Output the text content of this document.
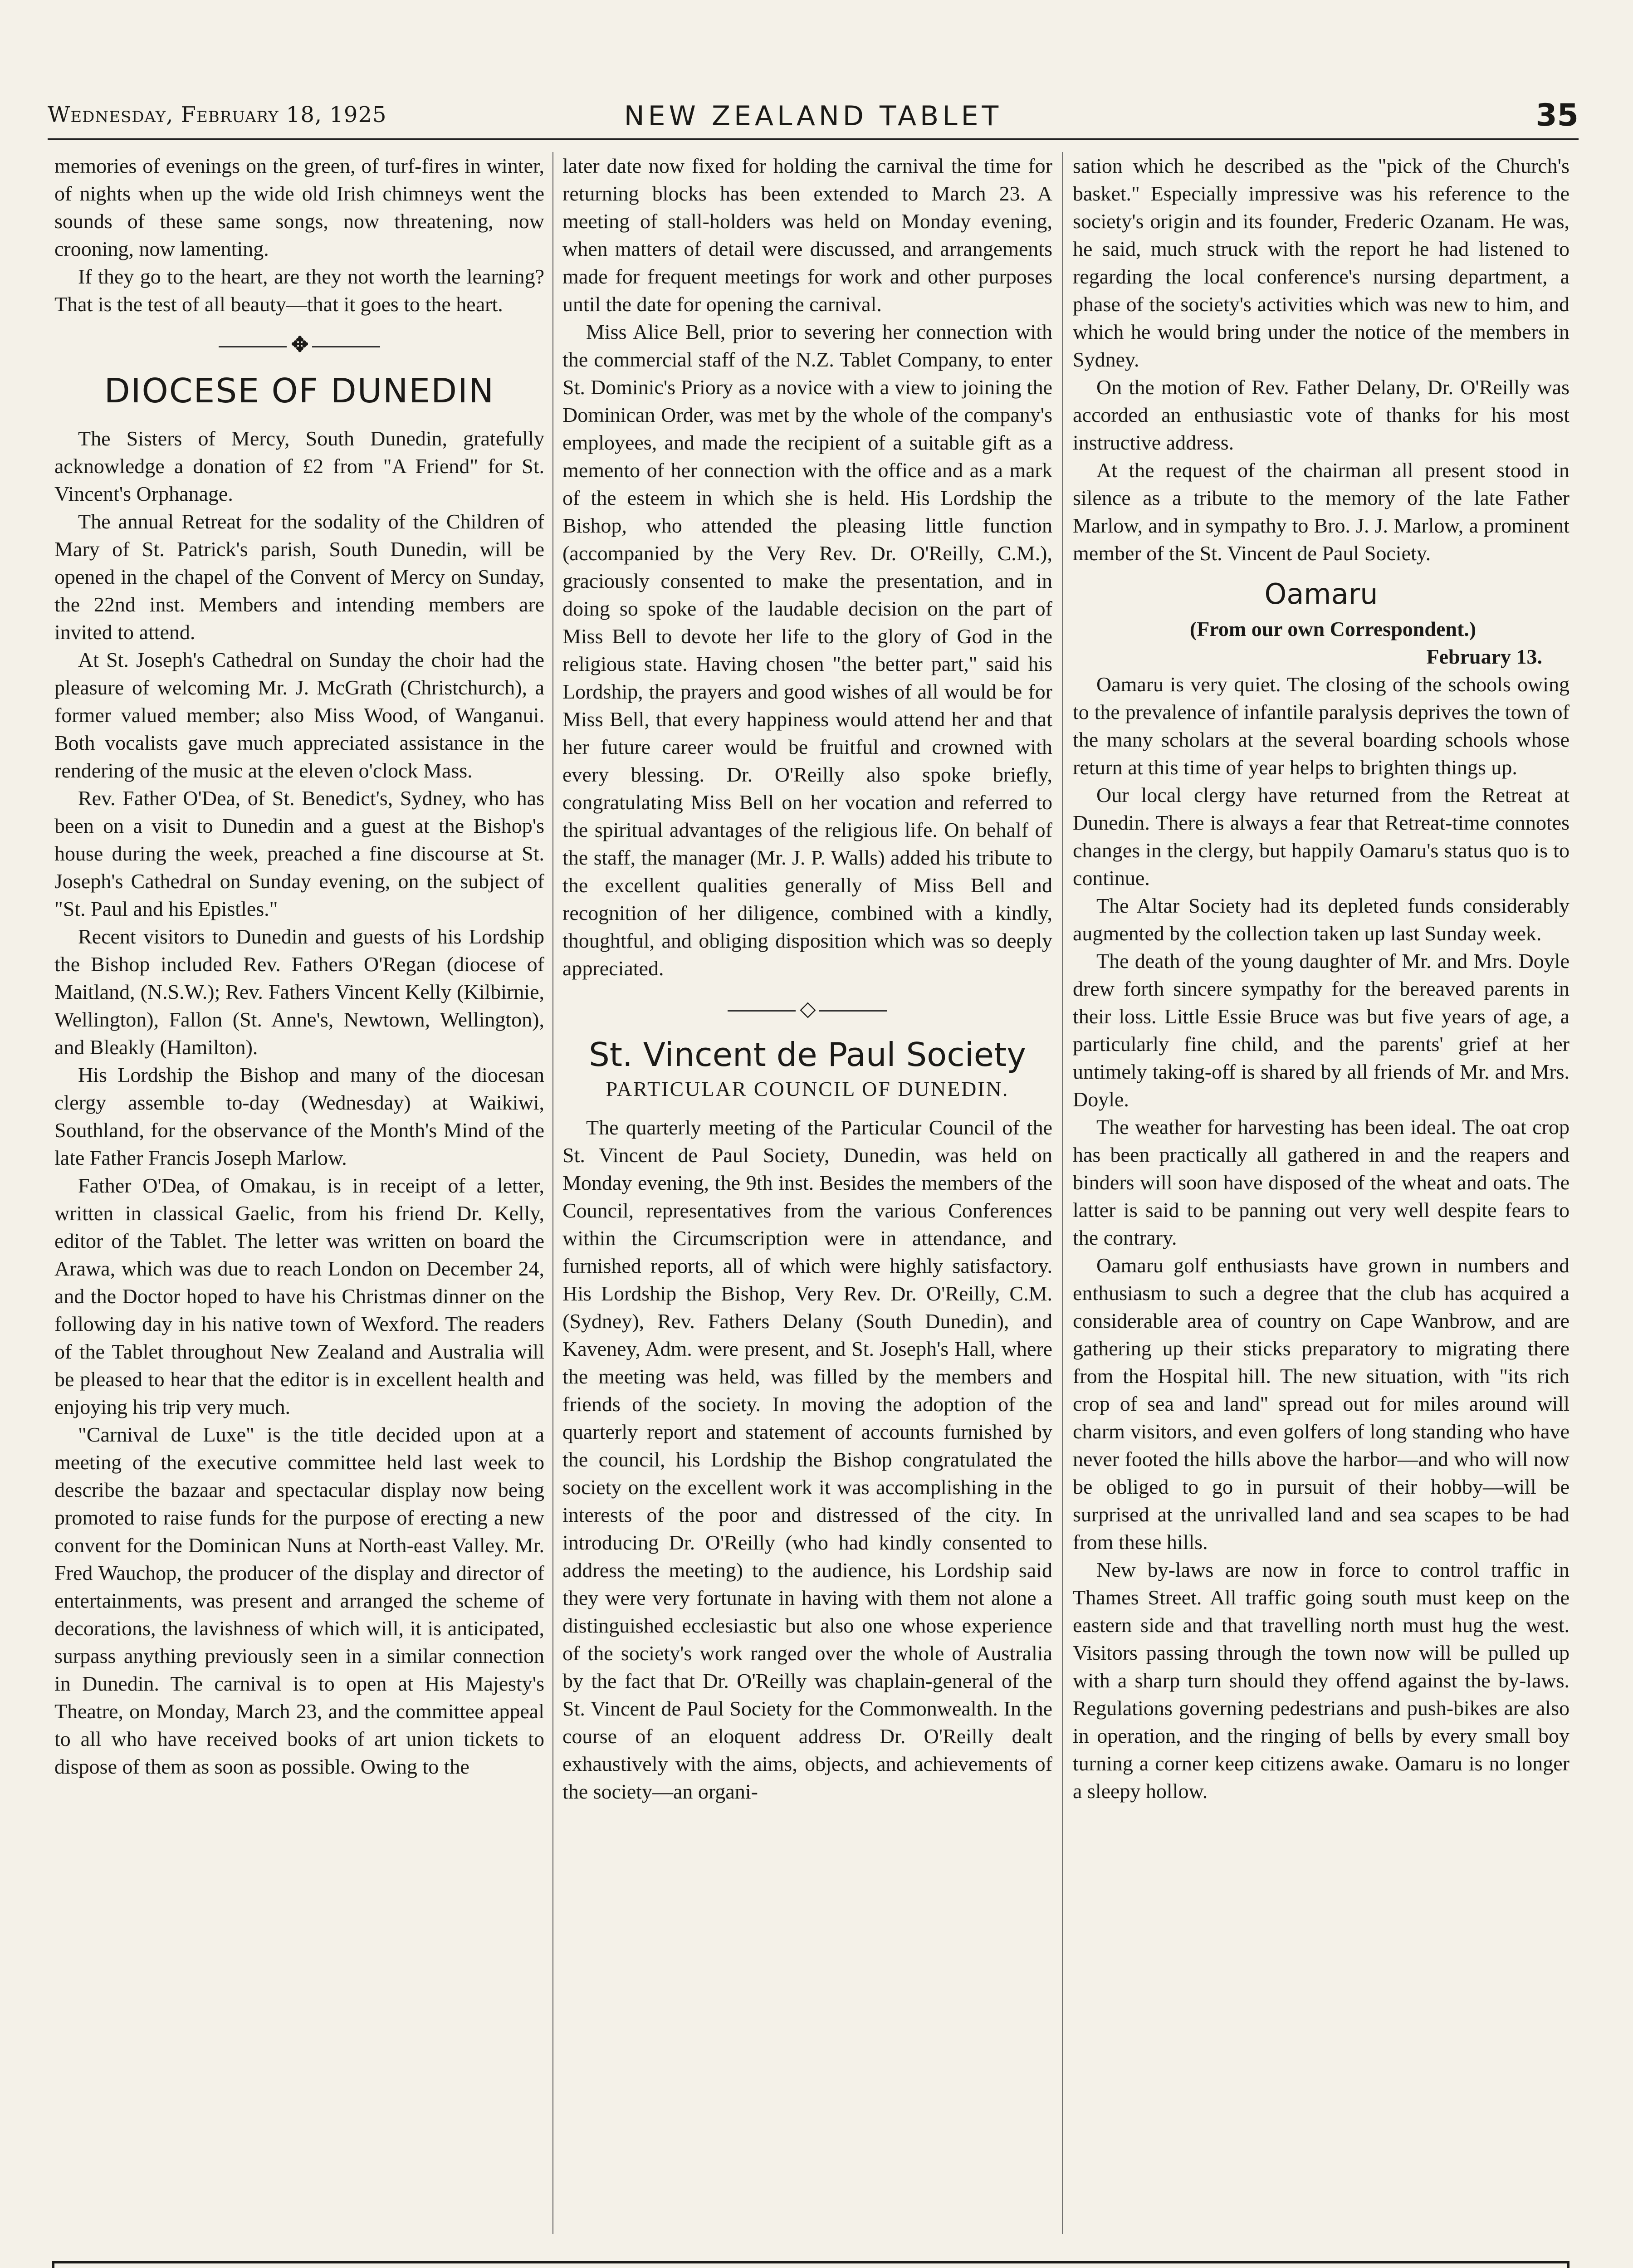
Wednesday, February 18, 1925	NEW ZEALAND TABLET	35

memories of evenings on the green, of turf-fires in winter, of nights when up the wide old Irish chimneys went the sounds of these same songs, now threatening, now crooning, now lamenting.

If they go to the heart, are they not worth the learning? That is the test of all beauty—that it goes to the heart.

✥
DIOCESE OF DUNEDIN

The Sisters of Mercy, South Dunedin, gratefully acknowledge a donation of £2 from "A Friend" for St. Vincent's Orphanage.

The annual Retreat for the sodality of the Children of Mary of St. Patrick's parish, South Dunedin, will be opened in the chapel of the Convent of Mercy on Sunday, the 22nd inst. Members and intending members are invited to attend.

At St. Joseph's Cathedral on Sunday the choir had the pleasure of welcoming Mr. J. McGrath (Christchurch), a former valued member; also Miss Wood, of Wanganui. Both vocalists gave much appreciated assistance in the rendering of the music at the eleven o'clock Mass.

Rev. Father O'Dea, of St. Benedict's, Sydney, who has been on a visit to Dunedin and a guest at the Bishop's house during the week, preached a fine discourse at St. Joseph's Cathedral on Sunday evening, on the subject of "St. Paul and his Epistles."

Recent visitors to Dunedin and guests of his Lordship the Bishop included Rev. Fathers O'Regan (diocese of Maitland, (N.S.W.); Rev. Fathers Vincent Kelly (Kilbirnie, Wellington), Fallon (St. Anne's, Newtown, Wellington), and Bleakly (Hamilton).

His Lordship the Bishop and many of the diocesan clergy assemble to-day (Wednesday) at Waikiwi, Southland, for the observance of the Month's Mind of the late Father Francis Joseph Marlow.

Father O'Dea, of Omakau, is in receipt of a letter, written in classical Gaelic, from his friend Dr. Kelly, editor of the Tablet. The letter was written on board the Arawa, which was due to reach London on December 24, and the Doctor hoped to have his Christmas dinner on the following day in his native town of Wexford. The readers of the Tablet throughout New Zealand and Australia will be pleased to hear that the editor is in excellent health and enjoying his trip very much.

"Carnival de Luxe" is the title decided upon at a meeting of the executive committee held last week to describe the bazaar and spectacular display now being promoted to raise funds for the purpose of erecting a new convent for the Dominican Nuns at North-east Valley. Mr. Fred Wauchop, the producer of the display and director of entertainments, was present and arranged the scheme of decorations, the lavishness of which will, it is anticipated, surpass anything previously seen in a similar connection in Dunedin. The carnival is to open at His Majesty's Theatre, on Monday, March 23, and the committee appeal to all who have received books of art union tickets to dispose of them as soon as possible. Owing to the

later date now fixed for holding the carnival the time for returning blocks has been extended to March 23. A meeting of stall-holders was held on Monday evening, when matters of detail were discussed, and arrangements made for frequent meetings for work and other purposes until the date for opening the carnival.

Miss Alice Bell, prior to severing her connection with the commercial staff of the N.Z. Tablet Company, to enter St. Dominic's Priory as a novice with a view to joining the Dominican Order, was met by the whole of the company's employees, and made the recipient of a suitable gift as a memento of her connection with the office and as a mark of the esteem in which she is held. His Lordship the Bishop, who attended the pleasing little function (accompanied by the Very Rev. Dr. O'Reilly, C.M.), graciously consented to make the presentation, and in doing so spoke of the laudable decision on the part of Miss Bell to devote her life to the glory of God in the religious state. Having chosen "the better part," said his Lordship, the prayers and good wishes of all would be for Miss Bell, that every happiness would attend her and that her future career would be fruitful and crowned with every blessing. Dr. O'Reilly also spoke briefly, congratulating Miss Bell on her vocation and referred to the spiritual advantages of the religious life. On behalf of the staff, the manager (Mr. J. P. Walls) added his tribute to the excellent qualities generally of Miss Bell and recognition of her diligence, combined with a kindly, thoughtful, and obliging disposition which was so deeply appreciated.

◇
St. Vincent de Paul Society
PARTICULAR COUNCIL OF DUNEDIN.

The quarterly meeting of the Particular Council of the St. Vincent de Paul Society, Dunedin, was held on Monday evening, the 9th inst. Besides the members of the Council, representatives from the various Conferences within the Circumscription were in attendance, and furnished reports, all of which were highly satisfactory. His Lordship the Bishop, Very Rev. Dr. O'Reilly, C.M. (Sydney), Rev. Fathers Delany (South Dunedin), and Kaveney, Adm. were present, and St. Joseph's Hall, where the meeting was held, was filled by the members and friends of the society. In moving the adoption of the quarterly report and statement of accounts furnished by the council, his Lordship the Bishop congratulated the society on the excellent work it was accomplishing in the interests of the poor and distressed of the city. In introducing Dr. O'Reilly (who had kindly consented to address the meeting) to the audience, his Lordship said they were very fortunate in having with them not alone a distinguished ecclesiastic but also one whose experience of the society's work ranged over the whole of Australia by the fact that Dr. O'Reilly was chaplain-general of the St. Vincent de Paul Society for the Commonwealth. In the course of an eloquent address Dr. O'Reilly dealt exhaustively with the aims, objects, and achievements of the society—an organi-

sation which he described as the "pick of the Church's basket." Especially impressive was his reference to the society's origin and its founder, Frederic Ozanam. He was, he said, much struck with the report he had listened to regarding the local conference's nursing department, a phase of the society's activities which was new to him, and which he would bring under the notice of the members in Sydney.

On the motion of Rev. Father Delany, Dr. O'Reilly was accorded an enthusiastic vote of thanks for his most instructive address.

At the request of the chairman all present stood in silence as a tribute to the memory of the late Father Marlow, and in sympathy to Bro. J. J. Marlow, a prominent member of the St. Vincent de Paul Society.

Oamaru

(From our own Correspondent.)

February 13.

Oamaru is very quiet. The closing of the schools owing to the prevalence of infantile paralysis deprives the town of the many scholars at the several boarding schools whose return at this time of year helps to brighten things up.

Our local clergy have returned from the Retreat at Dunedin. There is always a fear that Retreat-time connotes changes in the clergy, but happily Oamaru's status quo is to continue.

The Altar Society had its depleted funds considerably augmented by the collection taken up last Sunday week.

The death of the young daughter of Mr. and Mrs. Doyle drew forth sincere sympathy for the bereaved parents in their loss. Little Essie Bruce was but five years of age, a particularly fine child, and the parents' grief at her untimely taking-off is shared by all friends of Mr. and Mrs. Doyle.

The weather for harvesting has been ideal. The oat crop has been practically all gathered in and the reapers and binders will soon have disposed of the wheat and oats. The latter is said to be panning out very well despite fears to the contrary.

Oamaru golf enthusiasts have grown in numbers and enthusiasm to such a degree that the club has acquired a considerable area of country on Cape Wanbrow, and are gathering up their sticks preparatory to migrating there from the Hospital hill. The new situation, with "its rich crop of sea and land" spread out for miles around will charm visitors, and even golfers of long standing who have never footed the hills above the harbor—and who will now be obliged to go in pursuit of their hobby—will be surprised at the unrivalled land and sea scapes to be had from these hills.

New by-laws are now in force to control traffic in Thames Street. All traffic going south must keep on the eastern side and that travelling north must hug the west. Visitors passing through the town now will be pulled up with a sharp turn should they offend against the by-laws. Regulations governing pedestrians and push-bikes are also in operation, and the ringing of bells by every small boy turning a corner keep citizens awake. Oamaru is no longer a sleepy hollow.
